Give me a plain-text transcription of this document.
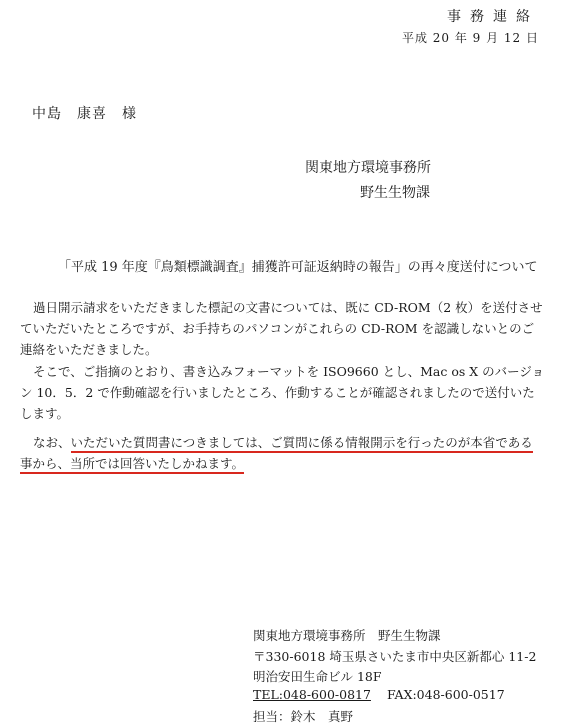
事務連絡
平成 20 年 9 月 12 日
中島　康喜　様
関東地方環境事務所
野生生物課
「平成 19 年度『鳥類標識調査』捕獲許可証返納時の報告」の再々度送付について
過日開示請求をいただきました標記の文書については、既に CD-ROM（2 枚）を送付させていただいたところですが、お手持ちのパソコンがこれらの CD-ROM を認識しないとのご連絡をいただきました。
そこで、ご指摘のとおり、書き込みフォーマットを ISO9660 とし、Mac os X のバージョン 10．5．2 で作動確認を行いましたところ、作動することが確認されましたので送付いたします。
なお、いただいた質問書につきましては、ご質問に係る情報開示を行ったのが本省である事から、当所では回答いたしかねます。
関東地方環境事務所　野生生物課
〒330-6018 埼玉県さいたま市中央区新都心 11-2
明治安田生命ビル 18F
TEL:048-600-0817 FAX:048-600-0517
担当：鈴木　真野
